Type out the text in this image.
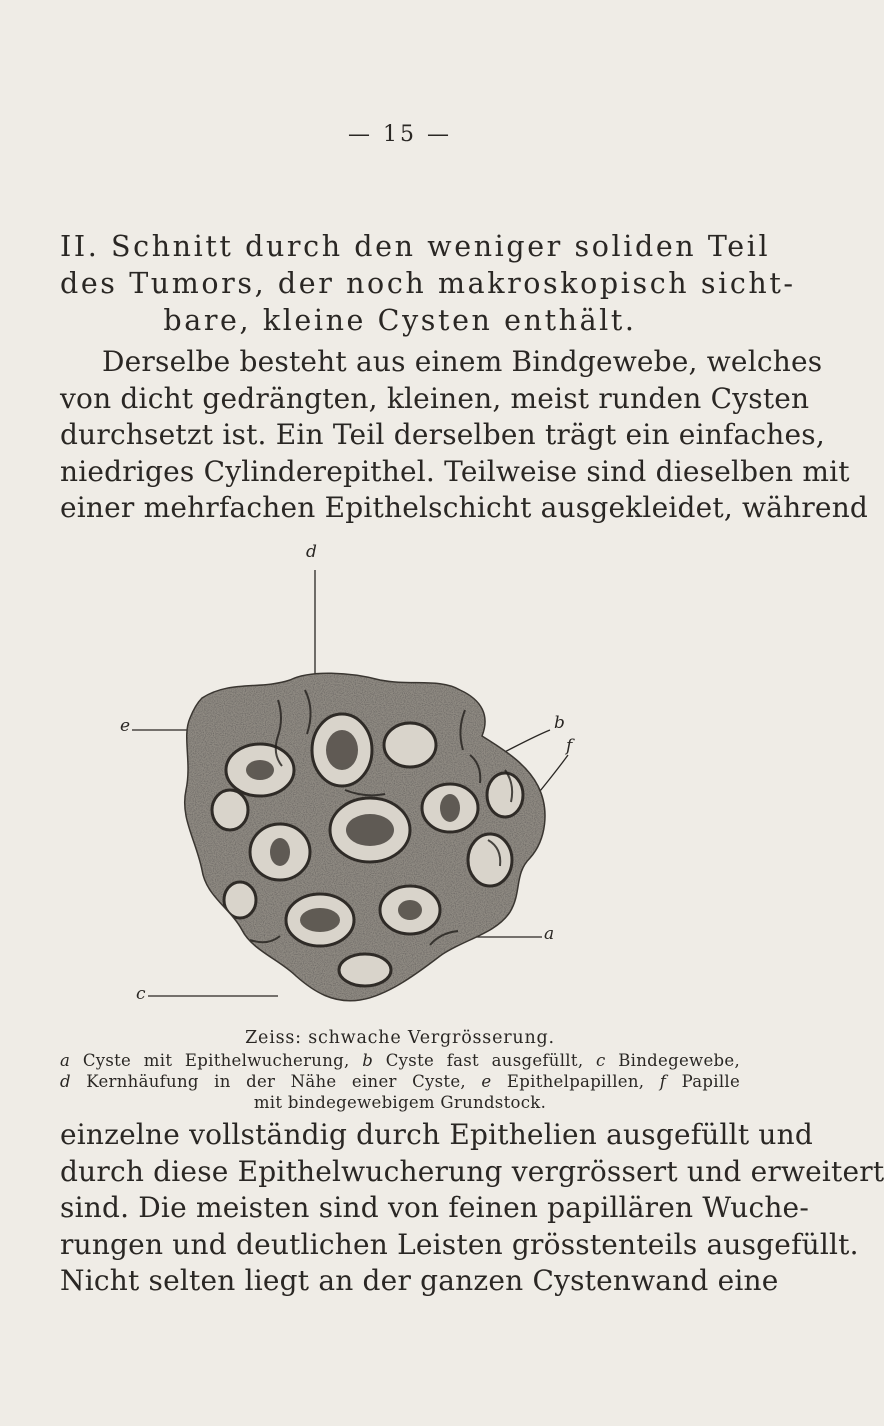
— 15 —
II. Schnitt durch den weniger soliden Teil
des Tumors, der noch makroskopisch sicht-
bare, kleine Cysten enthält.
Derselbe besteht aus einem Bindgewebe, welches
von dicht gedrängten, kleinen, meist runden Cysten
durchsetzt ist. Ein Teil derselben trägt ein einfaches,
niedriges Cylinderepithel. Teilweise sind dieselben mit
einer mehrfachen Epithelschicht ausgekleidet, während
d
e	b
f
a
c
Zeiss: schwache Vergrösserung.
a Cyste mit Epithelwucherung, b Cyste fast ausgefüllt, c Bindegewebe,
d Kernhäufung in der Nähe einer Cyste, e Epithelpapillen, f Papille
mit bindegewebigem Grundstock.
einzelne vollständig durch Epithelien ausgefüllt und
durch diese Epithelwucherung vergrössert und erweitert
sind. Die meisten sind von feinen papillären Wuche-
rungen und deutlichen Leisten grösstenteils ausgefüllt.
Nicht selten liegt an der ganzen Cystenwand eine
